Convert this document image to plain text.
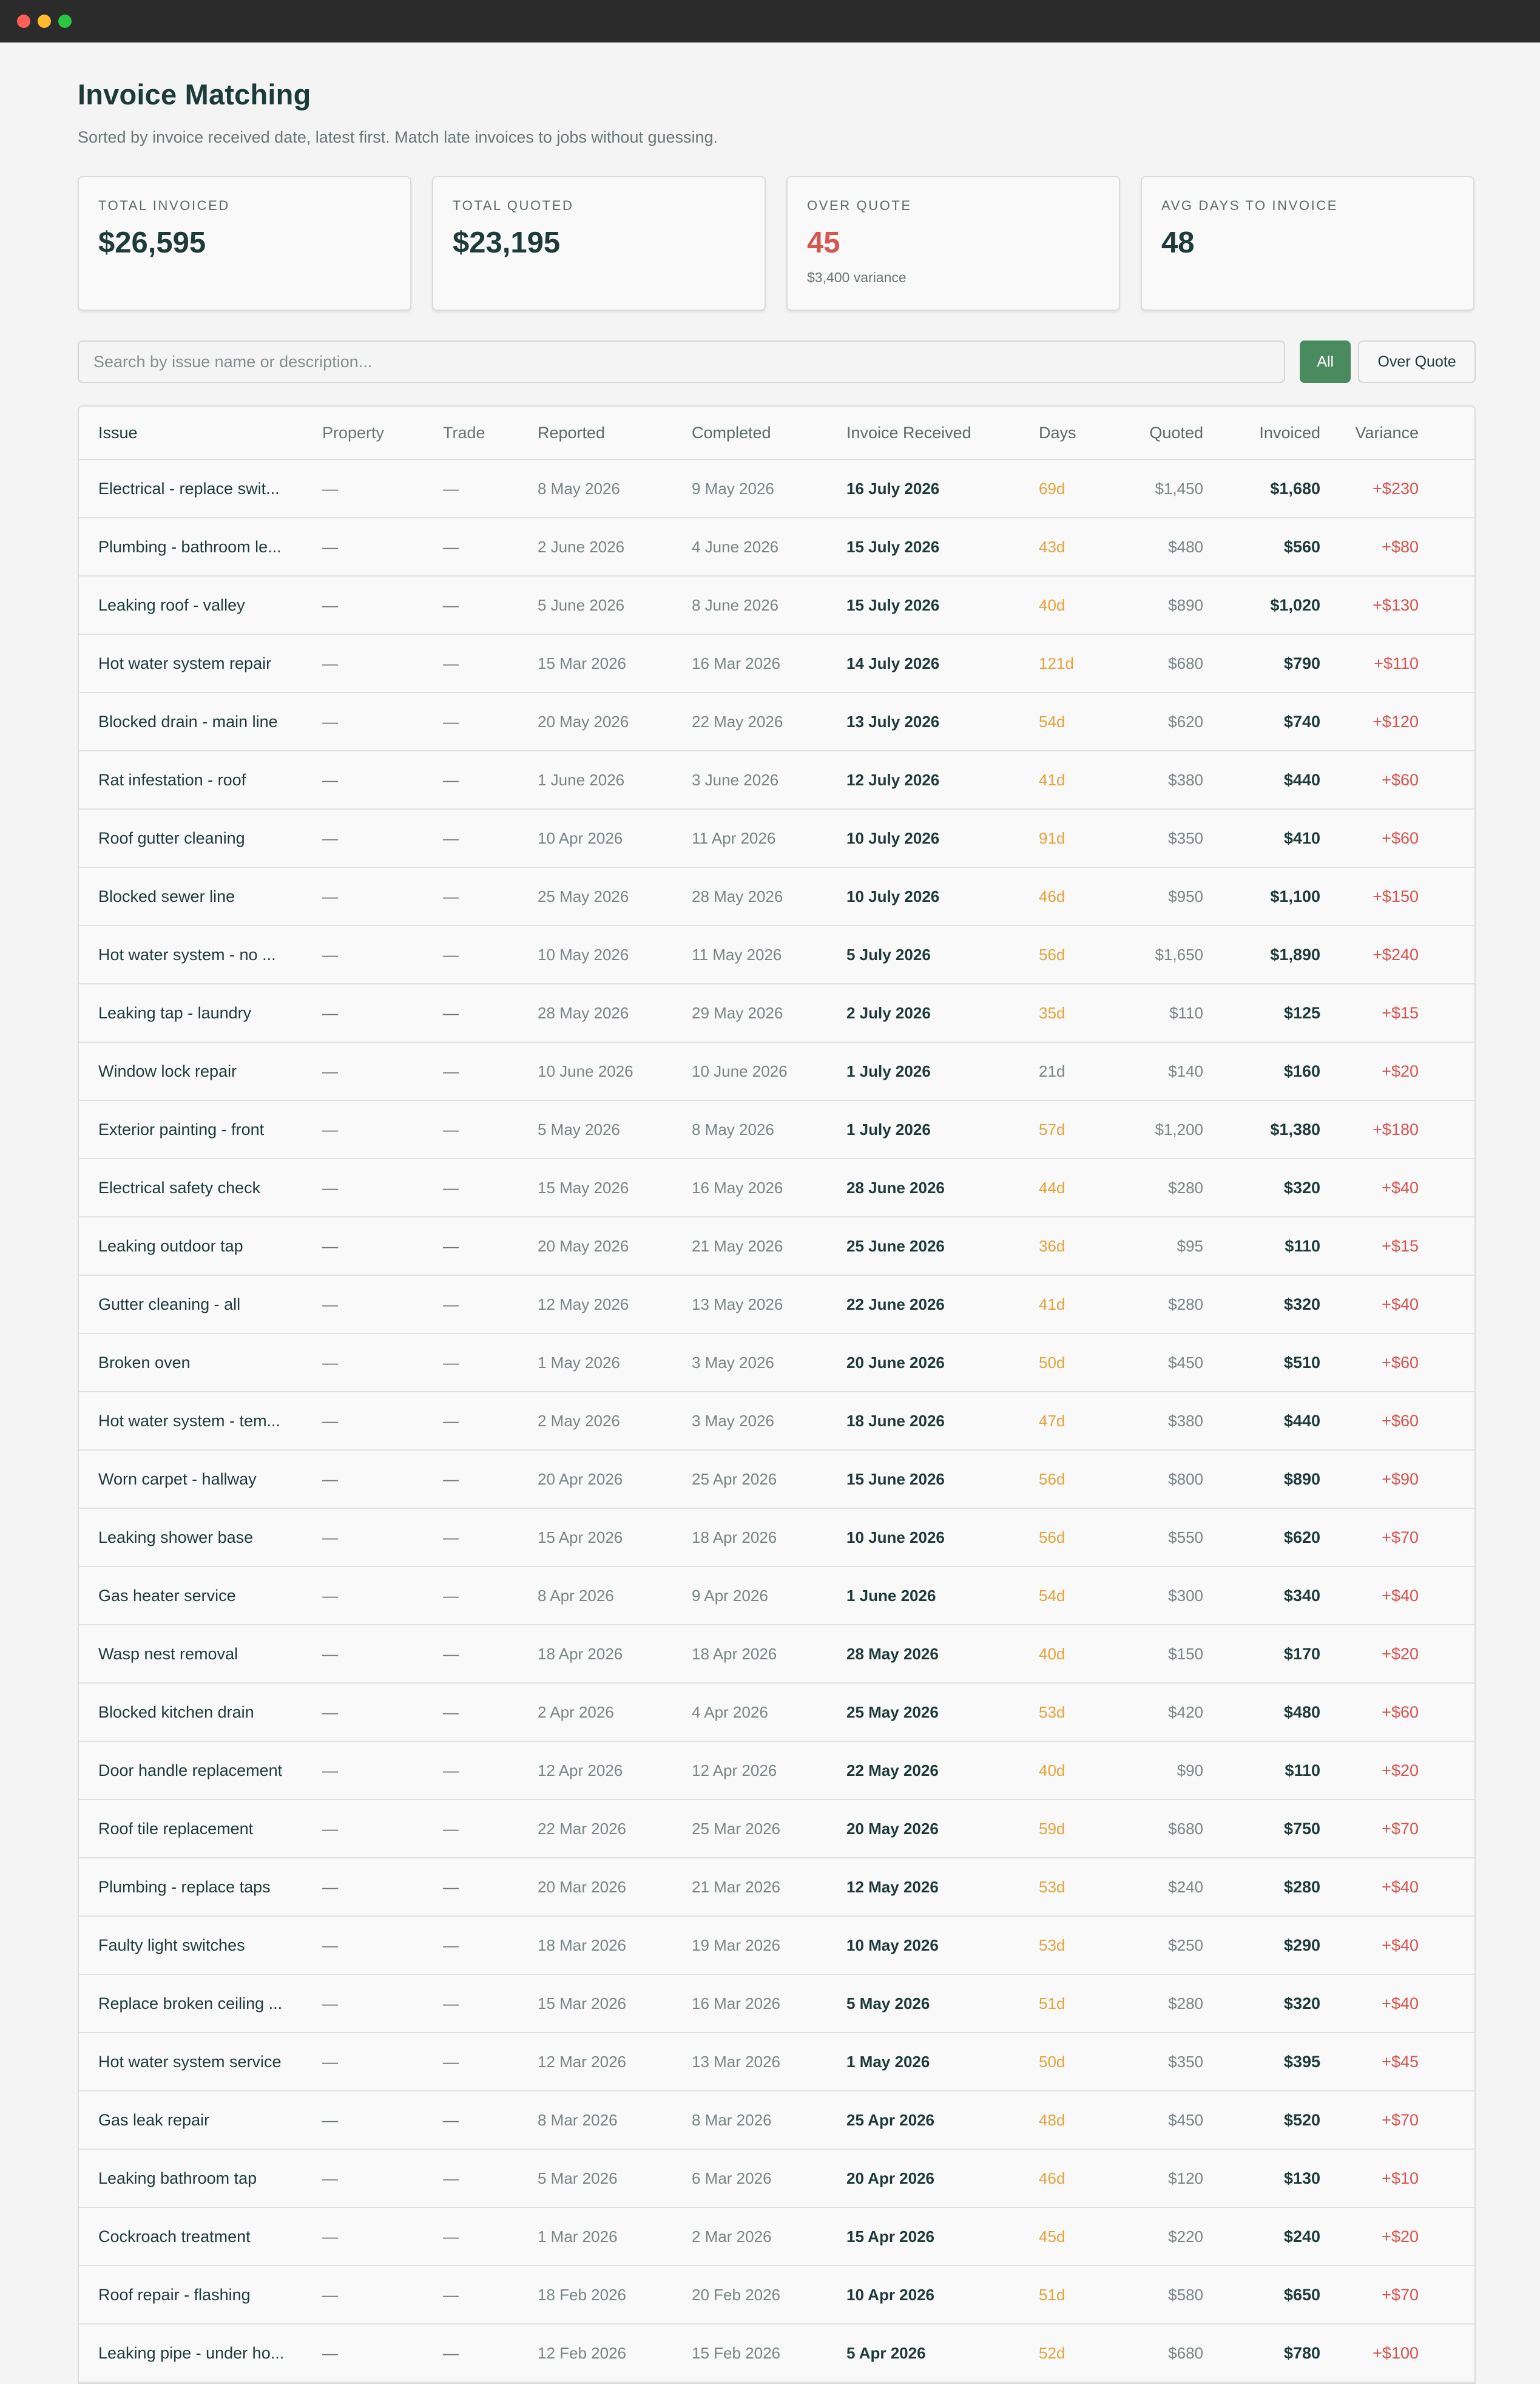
Invoice Matching

Sorted by invoice received date, latest first. Match late invoices to jobs without guessing.

TOTAL INVOICED
$26,595
TOTAL QUOTED
$23,195
OVER QUOTE
45
$3,400 variance
AVG DAYS TO INVOICE
48
Search by issue name or description...
All	Over Quote
Issue	Property	Trade	Reported	Completed	Invoice Received	Days	Quoted	Invoiced	Variance
Electrical - replace swit...	—	—	8 May 2026	9 May 2026	16 July 2026	69d	$1,450	$1,680	+$230
Plumbing - bathroom le...	—	—	2 June 2026	4 June 2026	15 July 2026	43d	$480	$560	+$80
Leaking roof - valley	—	—	5 June 2026	8 June 2026	15 July 2026	40d	$890	$1,020	+$130
Hot water system repair	—	—	15 Mar 2026	16 Mar 2026	14 July 2026	121d	$680	$790	+$110
Blocked drain - main line	—	—	20 May 2026	22 May 2026	13 July 2026	54d	$620	$740	+$120
Rat infestation - roof	—	—	1 June 2026	3 June 2026	12 July 2026	41d	$380	$440	+$60
Roof gutter cleaning	—	—	10 Apr 2026	11 Apr 2026	10 July 2026	91d	$350	$410	+$60
Blocked sewer line	—	—	25 May 2026	28 May 2026	10 July 2026	46d	$950	$1,100	+$150
Hot water system - no ...	—	—	10 May 2026	11 May 2026	5 July 2026	56d	$1,650	$1,890	+$240
Leaking tap - laundry	—	—	28 May 2026	29 May 2026	2 July 2026	35d	$110	$125	+$15
Window lock repair	—	—	10 June 2026	10 June 2026	1 July 2026	21d	$140	$160	+$20
Exterior painting - front	—	—	5 May 2026	8 May 2026	1 July 2026	57d	$1,200	$1,380	+$180
Electrical safety check	—	—	15 May 2026	16 May 2026	28 June 2026	44d	$280	$320	+$40
Leaking outdoor tap	—	—	20 May 2026	21 May 2026	25 June 2026	36d	$95	$110	+$15
Gutter cleaning - all	—	—	12 May 2026	13 May 2026	22 June 2026	41d	$280	$320	+$40
Broken oven	—	—	1 May 2026	3 May 2026	20 June 2026	50d	$450	$510	+$60
Hot water system - tem...	—	—	2 May 2026	3 May 2026	18 June 2026	47d	$380	$440	+$60
Worn carpet - hallway	—	—	20 Apr 2026	25 Apr 2026	15 June 2026	56d	$800	$890	+$90
Leaking shower base	—	—	15 Apr 2026	18 Apr 2026	10 June 2026	56d	$550	$620	+$70
Gas heater service	—	—	8 Apr 2026	9 Apr 2026	1 June 2026	54d	$300	$340	+$40
Wasp nest removal	—	—	18 Apr 2026	18 Apr 2026	28 May 2026	40d	$150	$170	+$20
Blocked kitchen drain	—	—	2 Apr 2026	4 Apr 2026	25 May 2026	53d	$420	$480	+$60
Door handle replacement	—	—	12 Apr 2026	12 Apr 2026	22 May 2026	40d	$90	$110	+$20
Roof tile replacement	—	—	22 Mar 2026	25 Mar 2026	20 May 2026	59d	$680	$750	+$70
Plumbing - replace taps	—	—	20 Mar 2026	21 Mar 2026	12 May 2026	53d	$240	$280	+$40
Faulty light switches	—	—	18 Mar 2026	19 Mar 2026	10 May 2026	53d	$250	$290	+$40
Replace broken ceiling ...	—	—	15 Mar 2026	16 Mar 2026	5 May 2026	51d	$280	$320	+$40
Hot water system service	—	—	12 Mar 2026	13 Mar 2026	1 May 2026	50d	$350	$395	+$45
Gas leak repair	—	—	8 Mar 2026	8 Mar 2026	25 Apr 2026	48d	$450	$520	+$70
Leaking bathroom tap	—	—	5 Mar 2026	6 Mar 2026	20 Apr 2026	46d	$120	$130	+$10
Cockroach treatment	—	—	1 Mar 2026	2 Mar 2026	15 Apr 2026	45d	$220	$240	+$20
Roof repair - flashing	—	—	18 Feb 2026	20 Feb 2026	10 Apr 2026	51d	$580	$650	+$70
Leaking pipe - under ho...	—	—	12 Feb 2026	15 Feb 2026	5 Apr 2026	52d	$680	$780	+$100
